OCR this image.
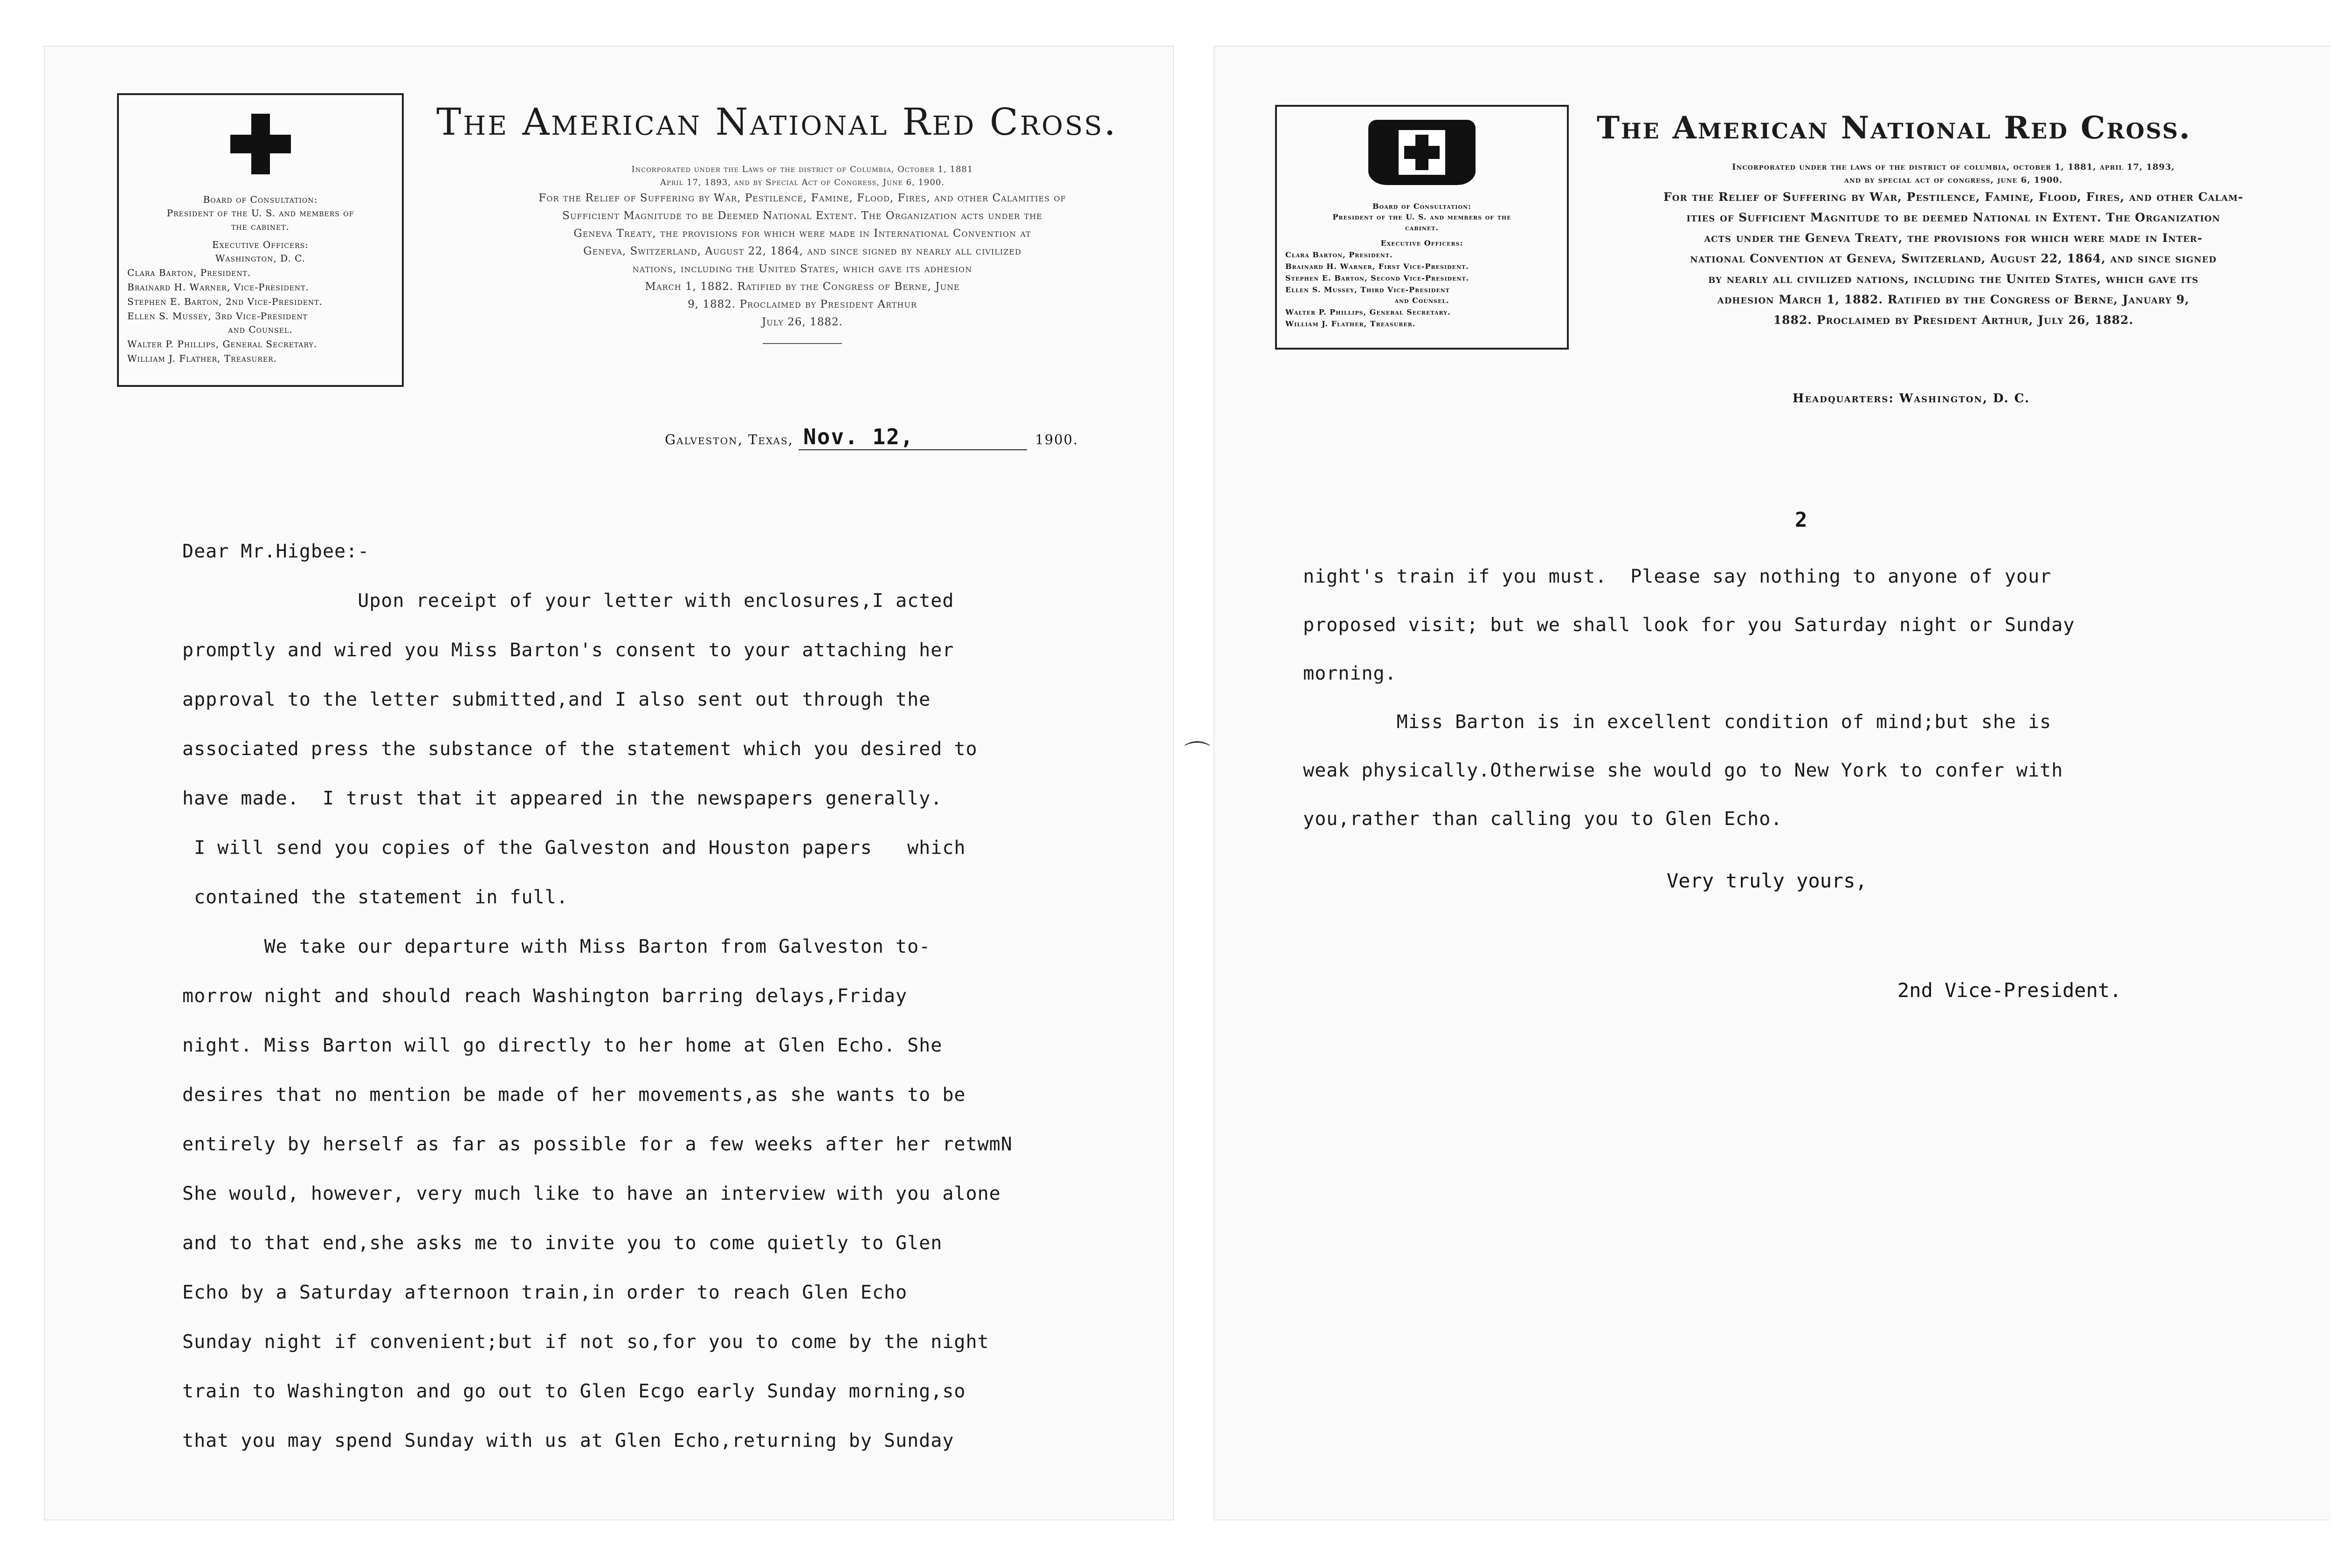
Board of Consultation:
President of the U. S. and members of
the cabinet.
Executive Officers:
Washington, D. C.
Clara Barton, President.
Brainard H. Warner, Vice-President.
Stephen E. Barton, 2nd Vice-President.
Ellen S. Mussey, 3rd Vice-President
and Counsel.
Walter P. Phillips, General Secretary.
William J. Flather, Treasurer.
The American National Red Cross.
Incorporated under the Laws of the district of Columbia, October 1, 1881
April 17, 1893, and by Special Act of Congress, June 6, 1900.
For the Relief of Suffering by War, Pestilence, Famine, Flood, Fires, and other Calamities of
Sufficient Magnitude to be Deemed National Extent. The Organization acts under the
Geneva Treaty, the provisions for which were made in International Convention at
Geneva, Switzerland, August 22, 1864, and since signed by nearly all civilized
nations, including the United States, which gave its adhesion
March 1, 1882. Ratified by the Congress of Berne, June
9, 1882. Proclaimed by President Arthur
July 26, 1882.
Galveston, Texas, Nov. 12,	1900.
Dear Mr.Higbee:-
Upon receipt of your letter with enclosures,I acted
promptly and wired you Miss Barton's consent to your attaching her
approval to the letter submitted,and I also sent out through the
associated press the substance of the statement which you desired to
have made.  I trust that it appeared in the newspapers generally.
I will send you copies of the Galveston and Houston papers   which
contained the statement in full.
We take our departure with Miss Barton from Galveston to-
morrow night and should reach Washington barring delays,Friday
night. Miss Barton will go directly to her home at Glen Echo. She
desires that no mention be made of her movements,as she wants to be
entirely by herself as far as possible for a few weeks after her retwmN
She would, however, very much like to have an interview with you alone
and to that end,she asks me to invite you to come quietly to Glen
Echo by a Saturday afternoon train,in order to reach Glen Echo
Sunday night if convenient;but if not so,for you to come by the night
train to Washington and go out to Glen Ecgo early Sunday morning,so
that you may spend Sunday with us at Glen Echo,returning by Sunday
⌒
Board of Consultation:
President of the U. S. and members of the
cabinet.
Executive Officers:
Clara Barton, President.
Brainard H. Warner, First Vice-President.
Stephen E. Barton, Second Vice-President.
Ellen S. Mussey, Third Vice-President
and Counsel.
Walter P. Phillips, General Secretary.
William J. Flather, Treasurer.
The American National Red Cross.
Incorporated under the laws of the district of columbia, october 1, 1881, april 17, 1893,
and by special act of congress, june 6, 1900.
For the Relief of Suffering by War, Pestilence, Famine, Flood, Fires, and other Calam-
ities of Sufficient Magnitude to be deemed National in Extent. The Organization
acts under the Geneva Treaty, the provisions for which were made in Inter-
national Convention at Geneva, Switzerland, August 22, 1864, and since signed
by nearly all civilized nations, including the United States, which gave its
adhesion March 1, 1882. Ratified by the Congress of Berne, January 9,
1882. Proclaimed by President Arthur, July 26, 1882.
Headquarters: Washington, D. C.
2
night's train if you must.  Please say nothing to anyone of your
proposed visit; but we shall look for you Saturday night or Sunday
morning.
Miss Barton is in excellent condition of mind;but she is
weak physically.Otherwise she would go to New York to confer with
you,rather than calling you to Glen Echo.
Very truly yours,
2nd Vice-President.
